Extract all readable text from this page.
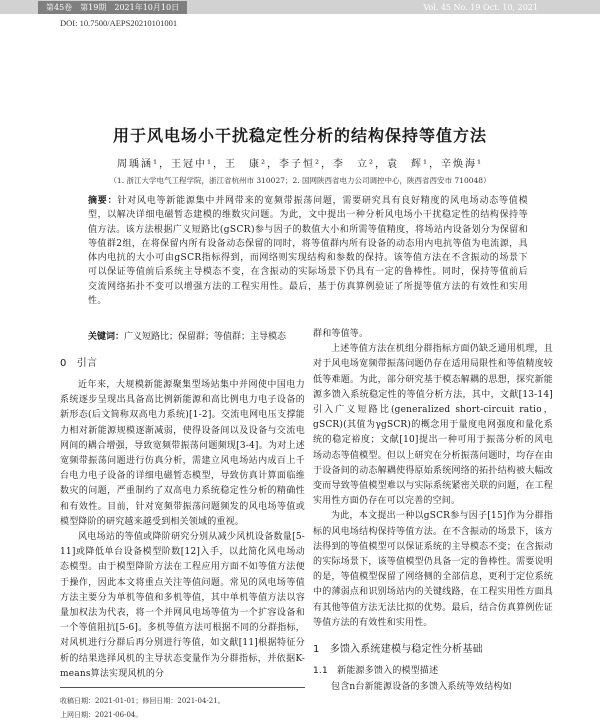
第45卷　第19期　2021年10月10日	Vol. 45 No. 19 Oct. 10, 2021
DOI: 10.7500/AEPS20210101001
用于风电场小干扰稳定性分析的结构保持等值方法
周瑀涵¹，王冠中¹，王　康²，李子恒²，李　立²，袁　辉¹，辛焕海¹
（1. 浙江大学电气工程学院，浙江省杭州市 310027；2. 国网陕西省电力公司调控中心，陕西省西安市 710048）
摘要：针对风电等新能源集中并网带来的宽频带振荡问题，需要研究具有良好精度的风电场动态等值模型，以解决详细电磁暂态建模的维数灾问题。为此，文中提出一种分析风电场小干扰稳定性的结构保持等值方法。该方法根据广义短路比(gSCR)参与因子的数值大小和所需等值精度，将场站内设备划分为保留和等值群2组，在将保留内所有设备动态保留的同时，将等值群内所有设备的动态用内电抗等值为电流源，具体内电抗的大小可由gSCR指标得到，而网络则实现结构和参数的保持。该等值方法在不含振动的场景下可以保证等值前后系统主导模态不变，在含振动的实际场景下仍具有一定的鲁棒性。同时，保持等值前后交流网络拓扑不变可以增强方法的工程实用性。最后，基于仿真算例验证了所提等值方法的有效性和实用性。
关键词：广义短路比；保留群；等值群；主导模态
0　引言

近年来，大规模新能源聚集型场站集中并网使中国电力系统逐步呈现出具备高比例新能源和高比例电力电子设备的新形态(后文简称双高电力系统)[1-2]。交流电网电压支撑能力相对新能源规模逐渐减弱，使得设备间以及设备与交流电网间的耦合增强，导致宽频带振荡问题频现[3-4]。为对上述宽频带振荡问题进行仿真分析，需建立风电场站内成百上千台电力电子设备的详细电磁暂态模型，导致仿真计算面临维数灾的问题，严重制约了双高电力系统稳定性分析的精确性和有效性。目前，针对宽频带振荡问题频发的风电场等值或模型降阶的研究越来越受到相关领域的重视。

风电场站的等值或降阶研究分别从减少风机设备数量[5-11]或降低单台设备模型阶数[12]入手，以此简化风电场动态模型。由于模型降阶方法在工程应用方面不如等值方法便于操作，因此本文将重点关注等值问题。常见的风电场等值方法主要分为单机等值和多机等值，其中单机等值方法以容量加权法为代表，将一个并网风电场等值为一个扩容设备和一个等值阻抗[5-6]。多机等值方法可根据不同的分群指标，对风机进行分群后再分别进行等值，如文献[11]根据特征分析的结果选择风机的主导状态变量作为分群指标，并依据K-means算法实现风机的分

群和等值等。

上述等值方法在机组分群指标方面仍缺乏通用机理，且对于风电场宽频带振荡问题仍存在适用局限性和等值精度较低等难题。为此，部分研究基于模态解耦的思想，探究新能源多馈入系统稳定性的等值分析方法，其中，文献[13-14]引入广义短路比(generalized short-circuit ratio，gSCR)(其值为γgSCR)的概念用于量度电网强度和量化系统的稳定裕度；文献[10]提出一种可用于振荡分析的风电场动态等值模型。但以上研究在分析振荡问题时，均存在由于设备间的动态解耦使得原始系统网络的拓扑结构被大幅改变而导致等值模型难以与实际系统紧密关联的问题，在工程实用性方面仍存在可以完善的空间。

为此，本文提出一种以gSCR参与因子[15]作为分群指标的风电场结构保持等值方法。在不含振动的场景下，该方法得到的等值模型可以保证系统的主导模态不变；在含振动的实际场景下，该等值模型仍具备一定的鲁棒性。需要说明的是，等值模型保留了网络侧的全部信息，更利于定位系统中的薄弱点和识别场站内的关键线路，在工程实用性方面具有其他等值方法无法比拟的优势。最后，结合仿真算例佐证等值方法的有效性和实用性。

1　多馈入系统建模与稳定性分析基础
1.1　新能源多馈入的模型描述

包含n台新能源设备的多馈入系统等效结构如

收稿日期：2021-01-01；修回日期：2021-04-21。
上网日期：2021-06-04。
